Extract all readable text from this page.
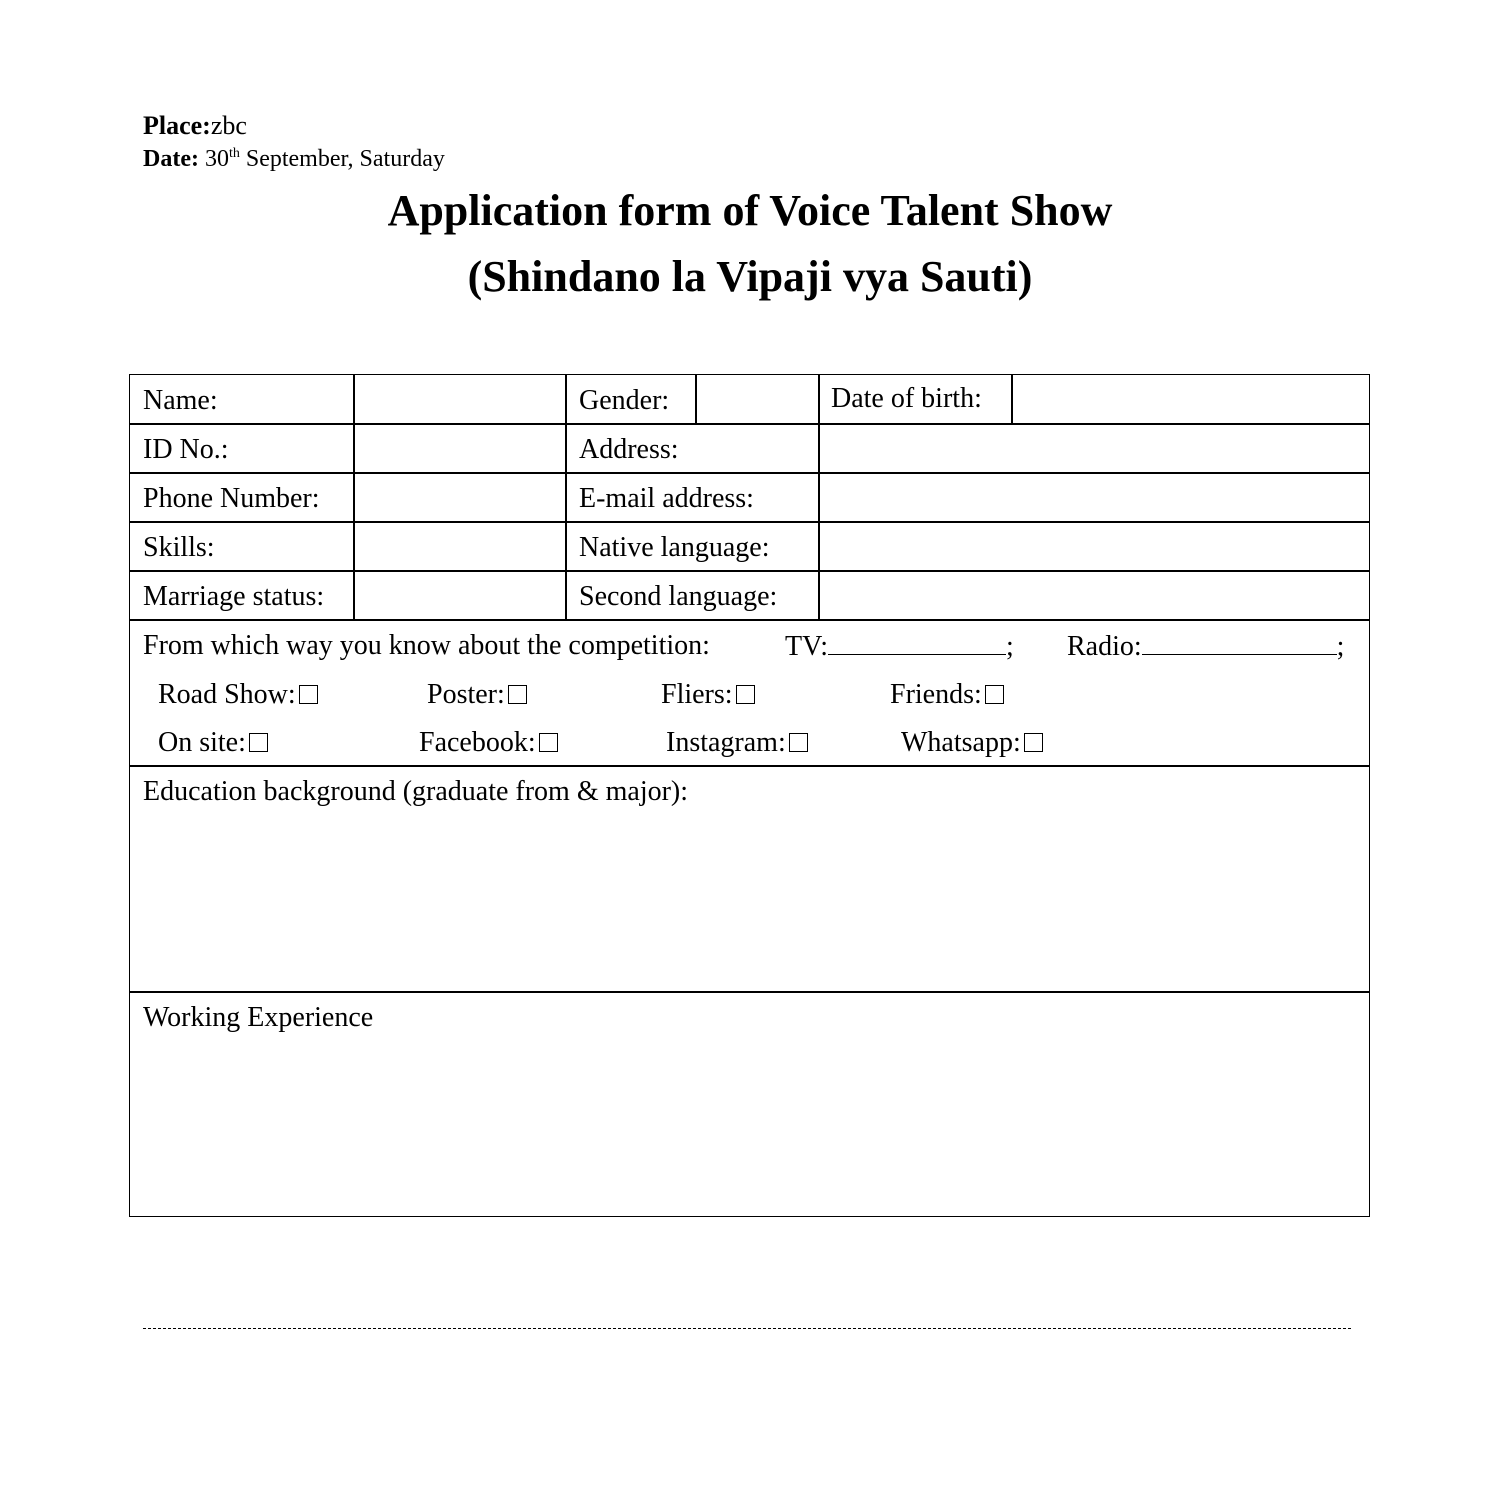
Place:zbc
Date: 30th September, Saturday
Application form of Voice Talent Show
(Shindano la Vipaji vya Sauti)
Name:	Gender:	Date of birth:
ID No.:	Address:
Phone Number:	E-mail address:
Skills:	Native language:
Marriage status:	Second language:
From which way you know about the competition:	TV:	; Radio:	;
Road Show:	Poster:	Fliers:	Friends:
On site:	Facebook:	Instagram:	Whatsapp:
Education background (graduate from & major):
Working Experience
